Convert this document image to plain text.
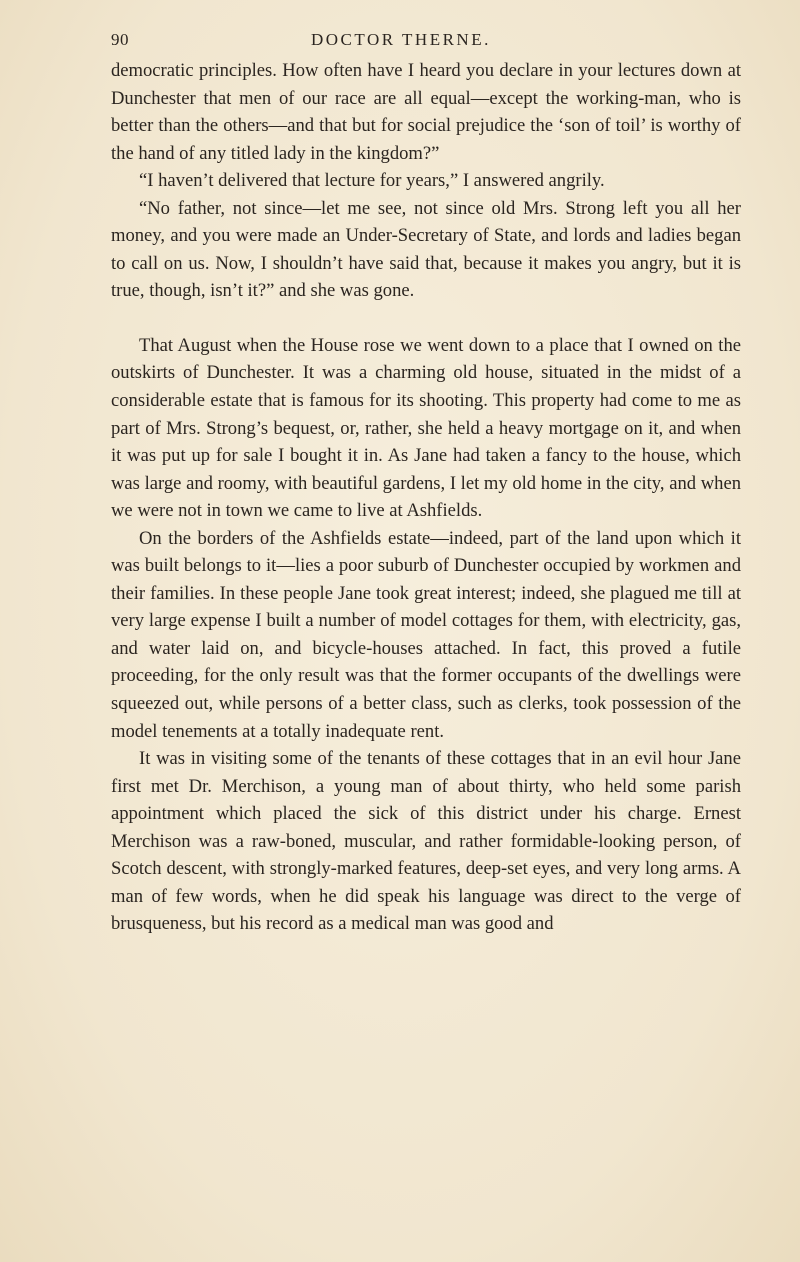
90	DOCTOR THERNE.

democratic principles. How often have I heard you declare in your lectures down at Dunchester that men of our race are all equal—except the working-man, who is better than the others—and that but for social prejudice the ‘son of toil’ is worthy of the hand of any titled lady in the kingdom?”

“I haven’t delivered that lecture for years,” I answered angrily.

“No father, not since—let me see, not since old Mrs. Strong left you all her money, and you were made an Under-Secretary of State, and lords and ladies began to call on us. Now, I shouldn’t have said that, because it makes you angry, but it is true, though, isn’t it?” and she was gone.

That August when the House rose we went down to a place that I owned on the outskirts of Dunchester. It was a charming old house, situated in the midst of a considerable estate that is famous for its shooting. This property had come to me as part of Mrs. Strong’s bequest, or, rather, she held a heavy mortgage on it, and when it was put up for sale I bought it in. As Jane had taken a fancy to the house, which was large and roomy, with beautiful gardens, I let my old home in the city, and when we were not in town we came to live at Ashfields.

On the borders of the Ashfields estate—indeed, part of the land upon which it was built belongs to it—lies a poor suburb of Dunchester occupied by workmen and their families. In these people Jane took great interest; indeed, she plagued me till at very large expense I built a number of model cottages for them, with electricity, gas, and water laid on, and bicycle-houses attached. In fact, this proved a futile proceeding, for the only result was that the former occupants of the dwellings were squeezed out, while persons of a better class, such as clerks, took possession of the model tenements at a totally inadequate rent.

It was in visiting some of the tenants of these cottages that in an evil hour Jane first met Dr. Merchison, a young man of about thirty, who held some parish appointment which placed the sick of this district under his charge. Ernest Merchison was a raw-boned, muscular, and rather formidable-looking person, of Scotch descent, with strongly-marked features, deep-set eyes, and very long arms. A man of few words, when he did speak his language was direct to the verge of brusqueness, but his record as a medical man was good and
